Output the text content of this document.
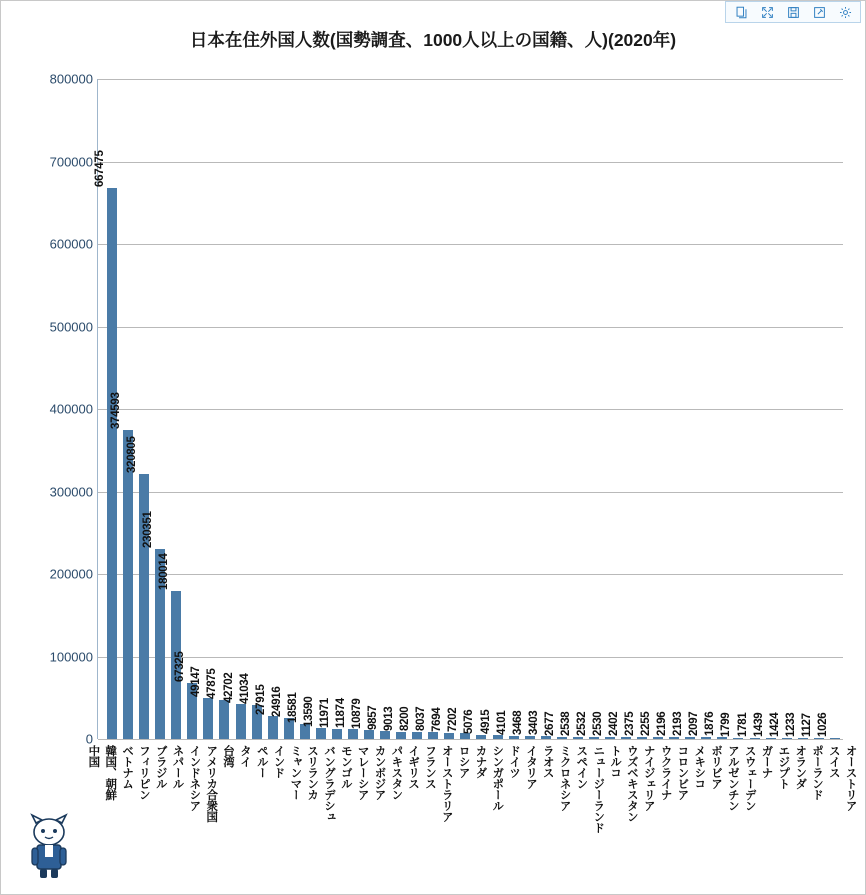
日本在住外国人数(国勢調査、1000人以上の国籍、人)(2020年)
667475
374593
320805
230351
180014
67325 49147 47875 42702 41034 27915 24916 18581 13590 11971 11874 10879 9857 9013 8200 8037 7694 7202 5076 4915 4101 3468 3403 2677 2538 2532 2530 2402 2375 2255 2196 2193 2097 1876 1799 1781 1439 1424 1233 1127 1026
0
100000
200000
300000
400000
500000
600000
700000
800000
中国 韓国、朝鮮 ベトナム フィリピン ブラジル ネパール インドネシア アメリカ合衆国 台湾 タイ ペルー インド ミャンマー スリランカ バングラデシュ モンゴル マレーシア カンボジア パキスタン イギリス フランス オーストラリア ロシア カナダ シンガポール ドイツ イタリア ラオス ミクロネシア スペイン ニュージーランド トルコ ウズベキスタン ナイジェリア ウクライナ コロンビア メキシコ ボリビア アルゼンチン スウェーデン ガーナ エジプト オランダ ポーランド スイス オーストリア
